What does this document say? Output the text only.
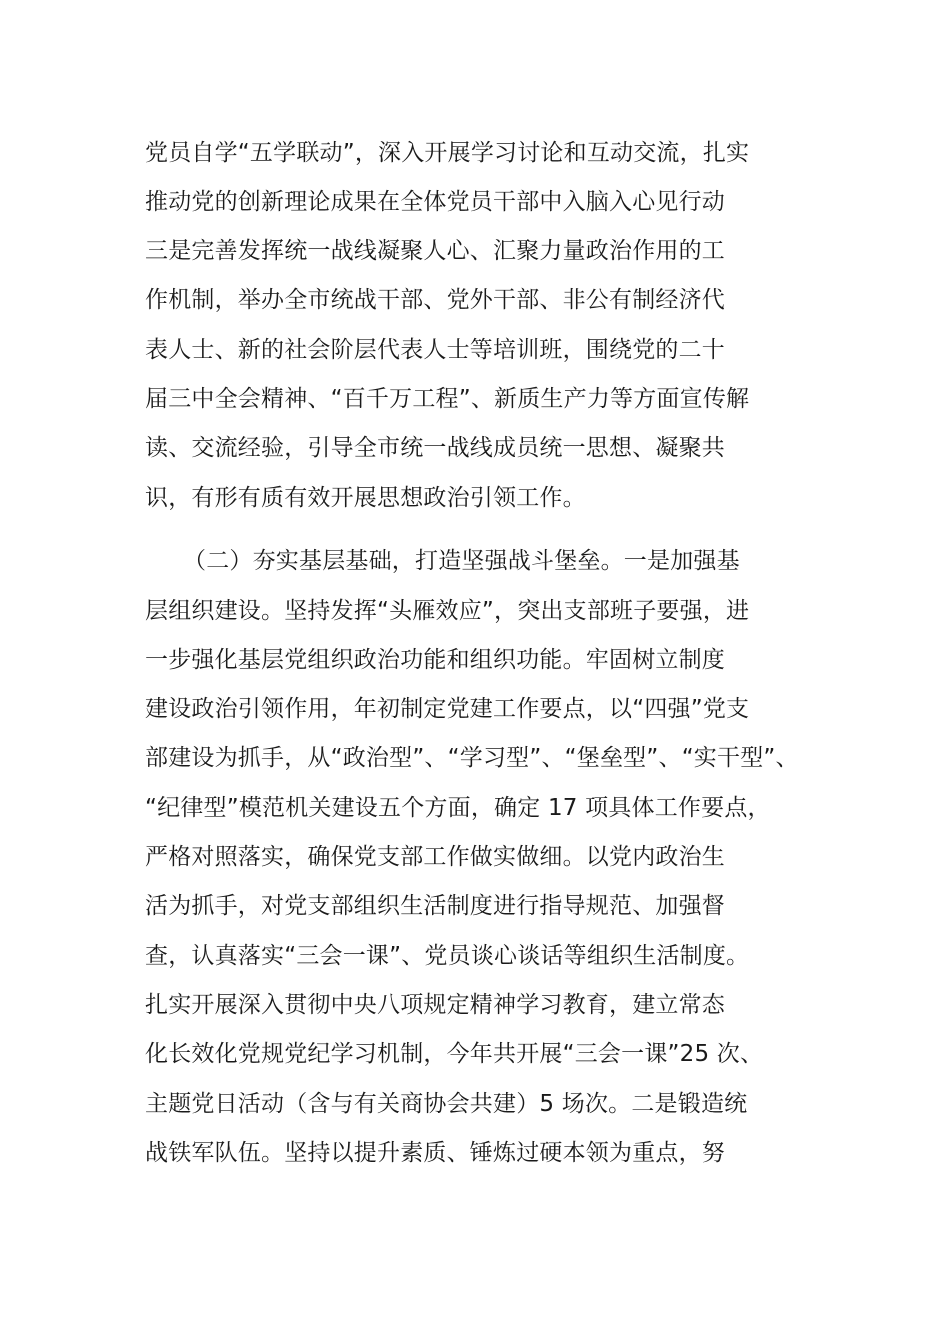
党员自学“五学联动”，深入开展学习讨论和互动交流，扎实
推动党的创新理论成果在全体党员干部中入脑入心见行动
三是完善发挥统一战线凝聚人心、汇聚力量政治作用的工
作机制，举办全市统战干部、党外干部、非公有制经济代
表人士、新的社会阶层代表人士等培训班，围绕党的二十
届三中全会精神、“百千万工程”、新质生产力等方面宣传解
读、交流经验，引导全市统一战线成员统一思想、凝聚共
识，有形有质有效开展思想政治引领工作。
（二）夯实基层基础，打造坚强战斗堡垒。一是加强基
层组织建设。坚持发挥“头雁效应”，突出支部班子要强，进
一步强化基层党组织政治功能和组织功能。牢固树立制度
建设政治引领作用，年初制定党建工作要点，以“四强”党支
部建设为抓手，从“政治型”、“学习型”、“堡垒型”、“实干型”、
“纪律型”模范机关建设五个方面，确定 17 项具体工作要点，
严格对照落实，确保党支部工作做实做细。以党内政治生
活为抓手，对党支部组织生活制度进行指导规范、加强督
查，认真落实“三会一课”、党员谈心谈话等组织生活制度。
扎实开展深入贯彻中央八项规定精神学习教育，建立常态
化长效化党规党纪学习机制，今年共开展“三会一课”25 次、
主题党日活动（含与有关商协会共建）5 场次。二是锻造统
战铁军队伍。坚持以提升素质、锤炼过硬本领为重点，努
